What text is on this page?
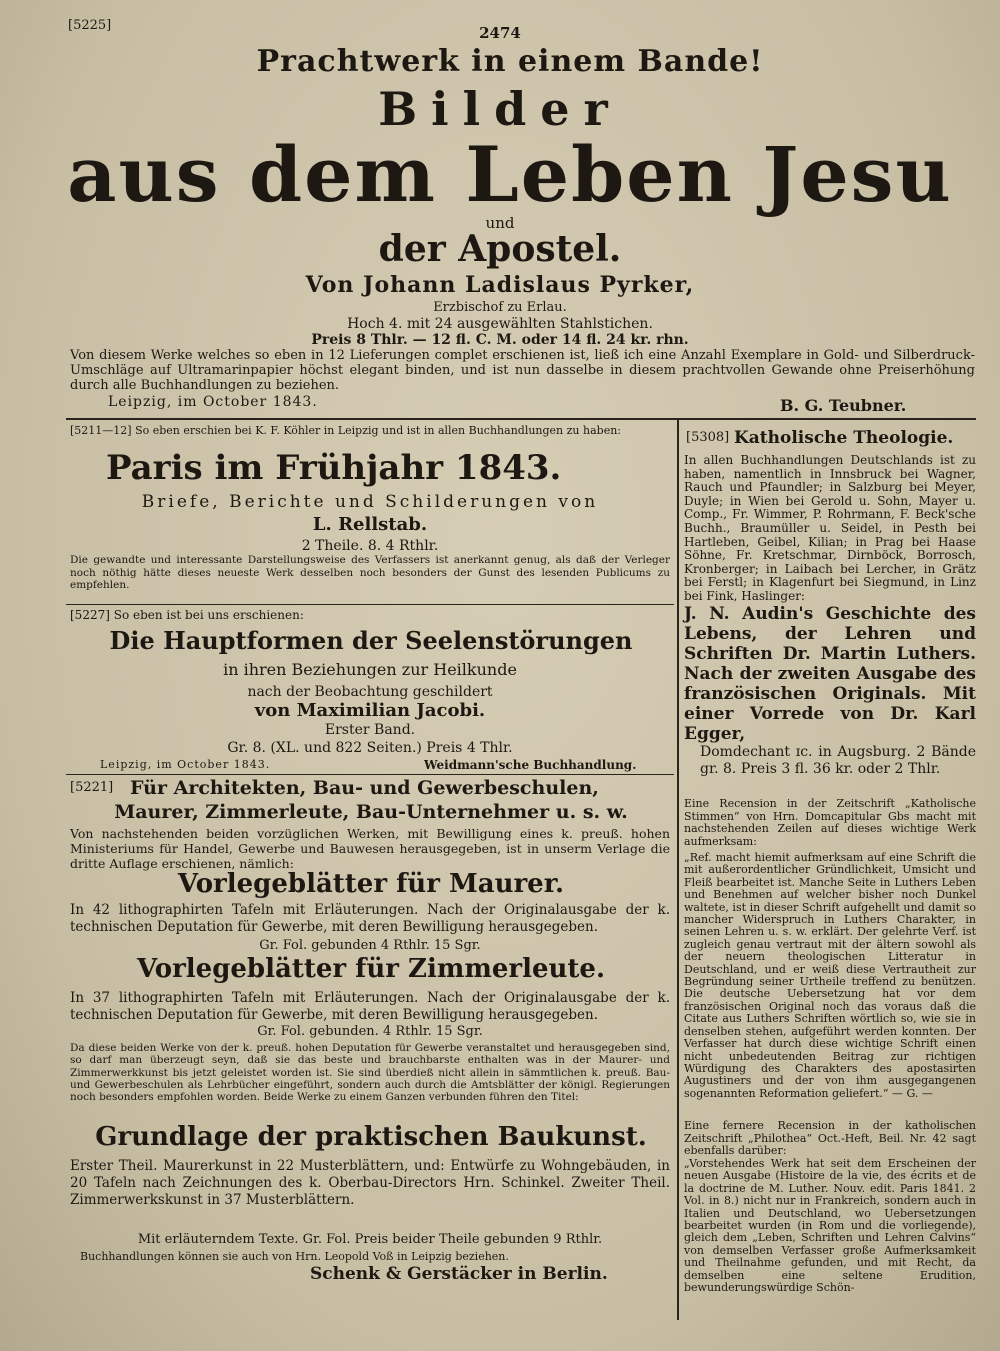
[5225]	2474
Prachtwerk in einem Bande!
Bilder
aus dem Leben Jesu
und
der Apostel.
Von Johann Ladislaus Pyrker,
Erzbischof zu Erlau.
Hoch 4. mit 24 ausgewählten Stahlstichen.
Preis 8 Thlr. — 12 fl. C. M. oder 14 fl. 24 kr. rhn.
Von diesem Werke welches so eben in 12 Lieferungen complet erschienen ist, ließ ich eine Anzahl Exemplare in Gold- und Silberdruck-Umschläge auf Ultramarinpapier höchst elegant binden, und ist nun dasselbe in diesem prachtvollen Gewande ohne Preiserhöhung durch alle Buchhandlungen zu beziehen.
Leipzig, im October 1843.	B. G. Teubner.
[5211—12] So eben erschien bei K. F. Köhler in Leipzig und ist in allen Buchhandlungen zu haben:
Paris im Frühjahr 1843.
Briefe, Berichte und Schilderungen von
L. Rellstab.
2 Theile. 8. 4 Rthlr.
Die gewandte und interessante Darstellungsweise des Verfassers ist anerkannt genug, als daß der Verleger noch nöthig hätte dieses neueste Werk desselben noch besonders der Gunst des lesenden Publicums zu empfehlen.
[5227] So eben ist bei uns erschienen:
Die Hauptformen der Seelenstörungen
in ihren Beziehungen zur Heilkunde
nach der Beobachtung geschildert
von Maximilian Jacobi.
Erster Band.
Gr. 8. (XL. und 822 Seiten.) Preis 4 Thlr.
Leipzig, im October 1843.	Weidmann'sche Buchhandlung.
[5221] Für Architekten, Bau- und Gewerbeschulen,
Maurer, Zimmerleute, Bau-Unternehmer u. s. w.
Von nachstehenden beiden vorzüglichen Werken, mit Bewilligung eines k. preuß. hohen Ministeriums für Handel, Gewerbe und Bauwesen herausgegeben, ist in unserm Verlage die dritte Auflage erschienen, nämlich:
Vorlegeblätter für Maurer.
In 42 lithographirten Tafeln mit Erläuterungen. Nach der Originalausgabe der k. technischen Deputation für Gewerbe, mit deren Bewilligung herausgegeben.
Gr. Fol. gebunden 4 Rthlr. 15 Sgr.
Vorlegeblätter für Zimmerleute.
In 37 lithographirten Tafeln mit Erläuterungen. Nach der Originalausgabe der k. technischen Deputation für Gewerbe, mit deren Bewilligung herausgegeben.
Gr. Fol. gebunden. 4 Rthlr. 15 Sgr.
Da diese beiden Werke von der k. preuß. hohen Deputation für Gewerbe veranstaltet und herausgegeben sind, so darf man überzeugt seyn, daß sie das beste und brauchbarste enthalten was in der Maurer- und Zimmerwerkkunst bis jetzt geleistet worden ist. Sie sind überdieß nicht allein in sämmtlichen k. preuß. Bau- und Gewerbeschulen als Lehrbücher eingeführt, sondern auch durch die Amtsblätter der königl. Regierungen noch besonders empfohlen worden. Beide Werke zu einem Ganzen verbunden führen den Titel:
Grundlage der praktischen Baukunst.
Erster Theil. Maurerkunst in 22 Musterblättern, und: Entwürfe zu Wohngebäuden, in 20 Tafeln nach Zeichnungen des k. Oberbau-Directors Hrn. Schinkel. Zweiter Theil. Zimmerwerkskunst in 37 Musterblättern.
Mit erläuterndem Texte. Gr. Fol. Preis beider Theile gebunden 9 Rthlr.
Buchhandlungen können sie auch von Hrn. Leopold Voß in Leipzig beziehen.
Schenk & Gerstäcker in Berlin.
[5308] Katholische Theologie.
In allen Buchhandlungen Deutschlands ist zu haben, namentlich in Innsbruck bei Wagner, Rauch und Pfaundler; in Salzburg bei Meyer, Duyle; in Wien bei Gerold u. Sohn, Mayer u. Comp., Fr. Wimmer, P. Rohrmann, F. Beck'sche Buchh., Braumüller u. Seidel, in Pesth bei Hartleben, Geibel, Kilian; in Prag bei Haase Söhne, Fr. Kretschmar, Dirnböck, Borrosch, Kronberger; in Laibach bei Lercher, in Grätz bei Ferstl; in Klagenfurt bei Siegmund, in Linz bei Fink, Haslinger:
J. N. Audin's Geschichte des Lebens, der Lehren und Schriften Dr. Martin Luthers. Nach der zweiten Ausgabe des französischen Originals. Mit einer Vorrede von Dr. Karl Egger,
Domdechant ɪc. in Augsburg. 2 Bände gr. 8. Preis 3 fl. 36 kr. oder 2 Thlr.
Eine Recension in der Zeitschrift „Katholische Stimmen“ von Hrn. Domcapitular Gbs macht mit nachstehenden Zeilen auf dieses wichtige Werk aufmerksam:
„Ref. macht hiemit aufmerksam auf eine Schrift die mit außerordentlicher Gründlichkeit, Umsicht und Fleiß bearbeitet ist. Manche Seite in Luthers Leben und Benehmen auf welcher bisher noch Dunkel waltete, ist in dieser Schrift aufgehellt und damit so mancher Widerspruch in Luthers Charakter, in seinen Lehren u. s. w. erklärt. Der gelehrte Verf. ist zugleich genau vertraut mit der ältern sowohl als der neuern theologischen Litteratur in Deutschland, und er weiß diese Vertrautheit zur Begründung seiner Urtheile treffend zu benützen. Die deutsche Uebersetzung hat vor dem französischen Original noch das voraus daß die Citate aus Luthers Schriften wörtlich so, wie sie in denselben stehen, aufgeführt werden konnten. Der Verfasser hat durch diese wichtige Schrift einen nicht unbedeutenden Beitrag zur richtigen Würdigung des Charakters des apostasirten Augustiners und der von ihm ausgegangenen sogenannten Reformation geliefert.“ — G. —
Eine fernere Recension in der katholischen Zeitschrift „Philothea“ Oct.-Heft, Beil. Nr. 42 sagt ebenfalls darüber:
„Vorstehendes Werk hat seit dem Erscheinen der neuen Ausgabe (Histoire de la vie, des écrits et de la doctrine de M. Luther. Nouv. edit. Paris 1841. 2 Vol. in 8.) nicht nur in Frankreich, sondern auch in Italien und Deutschland, wo Uebersetzungen bearbeitet wurden (in Rom und die vorliegende), gleich dem „Leben, Schriften und Lehren Calvins“ von demselben Verfasser große Aufmerksamkeit und Theilnahme gefunden, und mit Recht, da demselben eine seltene Erudition, bewunderungswürdige Schön-
